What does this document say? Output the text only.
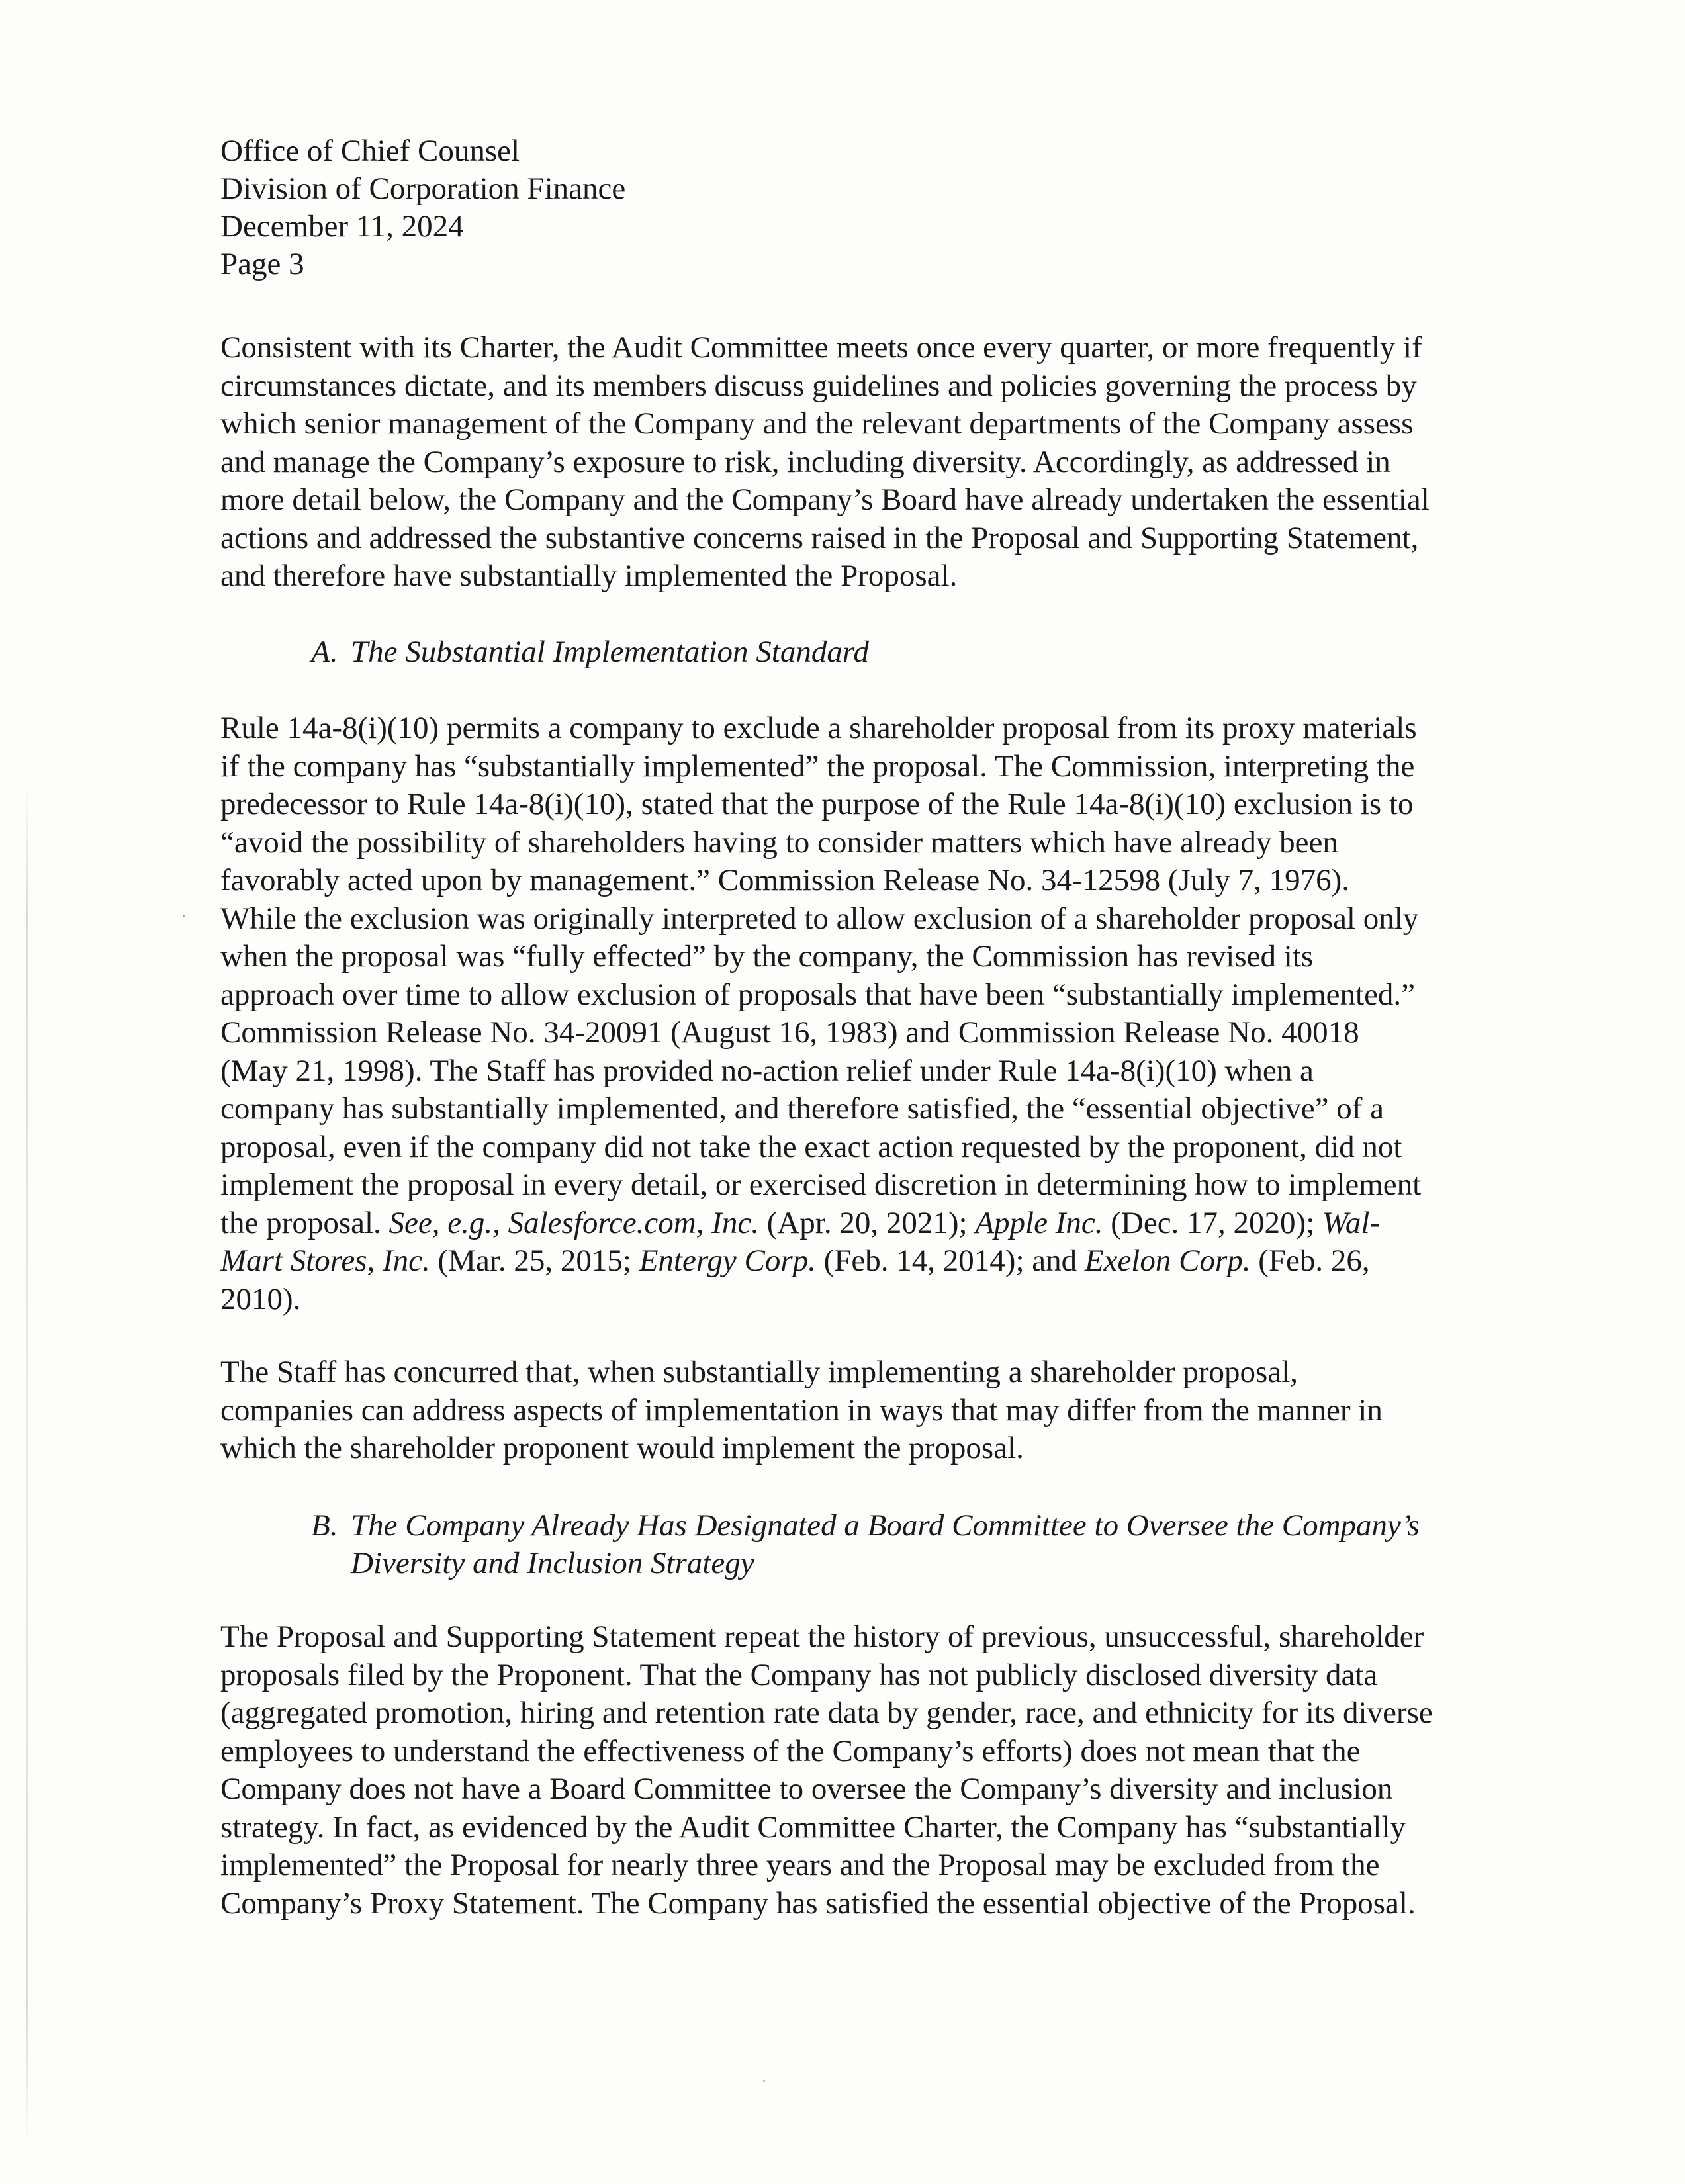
Office of Chief Counsel
Division of Corporation Finance
December 11, 2024
Page 3
Consistent with its Charter, the Audit Committee meets once every quarter, or more frequently if
circumstances dictate, and its members discuss guidelines and policies governing the process by
which senior management of the Company and the relevant departments of the Company assess
and manage the Company’s exposure to risk, including diversity. Accordingly, as addressed in
more detail below, the Company and the Company’s Board have already undertaken the essential
actions and addressed the substantive concerns raised in the Proposal and Supporting Statement,
and therefore have substantially implemented the Proposal.
A. The Substantial Implementation Standard
Rule 14a-8(i)(10) permits a company to exclude a shareholder proposal from its proxy materials
if the company has “substantially implemented” the proposal. The Commission, interpreting the
predecessor to Rule 14a-8(i)(10), stated that the purpose of the Rule 14a-8(i)(10) exclusion is to
“avoid the possibility of shareholders having to consider matters which have already been
favorably acted upon by management.” Commission Release No. 34-12598 (July 7, 1976).
While the exclusion was originally interpreted to allow exclusion of a shareholder proposal only
when the proposal was “fully effected” by the company, the Commission has revised its
approach over time to allow exclusion of proposals that have been “substantially implemented.”
Commission Release No. 34-20091 (August 16, 1983) and Commission Release No. 40018
(May 21, 1998). The Staff has provided no-action relief under Rule 14a-8(i)(10) when a
company has substantially implemented, and therefore satisfied, the “essential objective” of a
proposal, even if the company did not take the exact action requested by the proponent, did not
implement the proposal in every detail, or exercised discretion in determining how to implement
the proposal. See, e.g., Salesforce.com, Inc. (Apr. 20, 2021); Apple Inc. (Dec. 17, 2020); Wal-
Mart Stores, Inc. (Mar. 25, 2015; Entergy Corp. (Feb. 14, 2014); and Exelon Corp. (Feb. 26,
2010).
The Staff has concurred that, when substantially implementing a shareholder proposal,
companies can address aspects of implementation in ways that may differ from the manner in
which the shareholder proponent would implement the proposal.
B. The Company Already Has Designated a Board Committee to Oversee the Company’s
Diversity and Inclusion Strategy
The Proposal and Supporting Statement repeat the history of previous, unsuccessful, shareholder
proposals filed by the Proponent. That the Company has not publicly disclosed diversity data
(aggregated promotion, hiring and retention rate data by gender, race, and ethnicity for its diverse
employees to understand the effectiveness of the Company’s efforts) does not mean that the
Company does not have a Board Committee to oversee the Company’s diversity and inclusion
strategy. In fact, as evidenced by the Audit Committee Charter, the Company has “substantially
implemented” the Proposal for nearly three years and the Proposal may be excluded from the
Company’s Proxy Statement. The Company has satisfied the essential objective of the Proposal.
